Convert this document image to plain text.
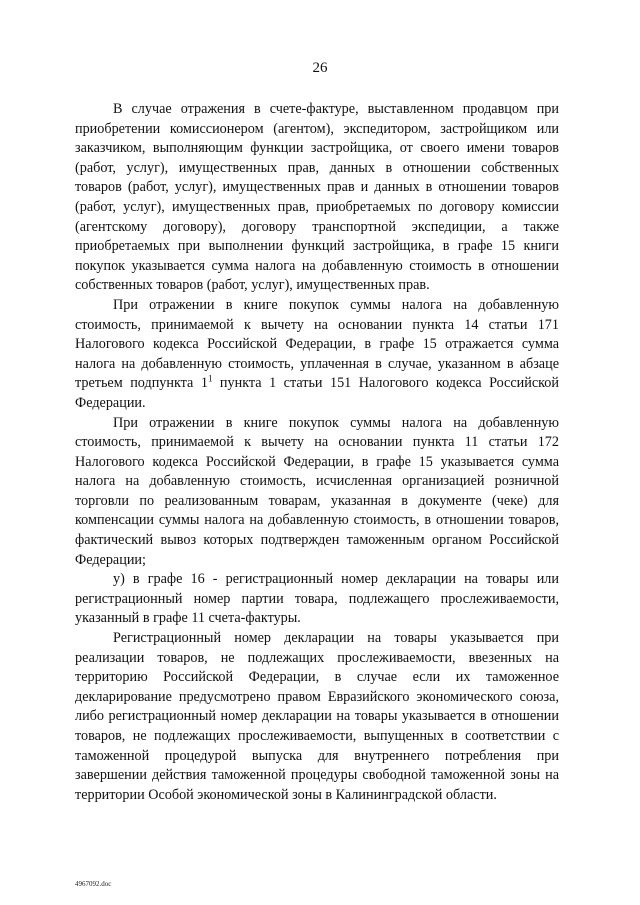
26

В случае отражения в счете-фактуре, выставленном продавцом при приобретении комиссионером (агентом), экспедитором, застройщиком или заказчиком, выполняющим функции застройщика, от своего имени товаров (работ, услуг), имущественных прав, данных в отношении собственных товаров (работ, услуг), имущественных прав и данных в отношении товаров (работ, услуг), имущественных прав, приобретаемых по договору комиссии (агентскому договору), договору транспортной экспедиции, а также приобретаемых при выполнении функций застройщика, в графе 15 книги покупок указывается сумма налога на добавленную стоимость в отношении собственных товаров (работ, услуг), имущественных прав.

При отражении в книге покупок суммы налога на добавленную стоимость, принимаемой к вычету на основании пункта 14 статьи 171 Налогового кодекса Российской Федерации, в графе 15 отражается сумма налога на добавленную стоимость, уплаченная в случае, указанном в абзаце третьем подпункта $1^1$ пункта 1 статьи 151 Налогового кодекса Российской Федерации.

При отражении в книге покупок суммы налога на добавленную стоимость, принимаемой к вычету на основании пункта 11 статьи 172 Налогового кодекса Российской Федерации, в графе 15 указывается сумма налога на добавленную стоимость, исчисленная организацией розничной торговли по реализованным товарам, указанная в документе (чеке) для компенсации суммы налога на добавленную стоимость, в отношении товаров, фактический вывоз которых подтвержден таможенным органом Российской Федерации;

у) в графе 16 - регистрационный номер декларации на товары или регистрационный номер партии товара, подлежащего прослеживаемости, указанный в графе 11 счета-фактуры.

Регистрационный номер декларации на товары указывается при реализации товаров, не подлежащих прослеживаемости, ввезенных на территорию Российской Федерации, в случае если их таможенное декларирование предусмотрено правом Евразийского экономического союза, либо регистрационный номер декларации на товары указывается в отношении товаров, не подлежащих прослеживаемости, выпущенных в соответствии с таможенной процедурой выпуска для внутреннего потребления при завершении действия таможенной процедуры свободной таможенной зоны на территории Особой экономической зоны в Калининградской области.

4967092.doc
